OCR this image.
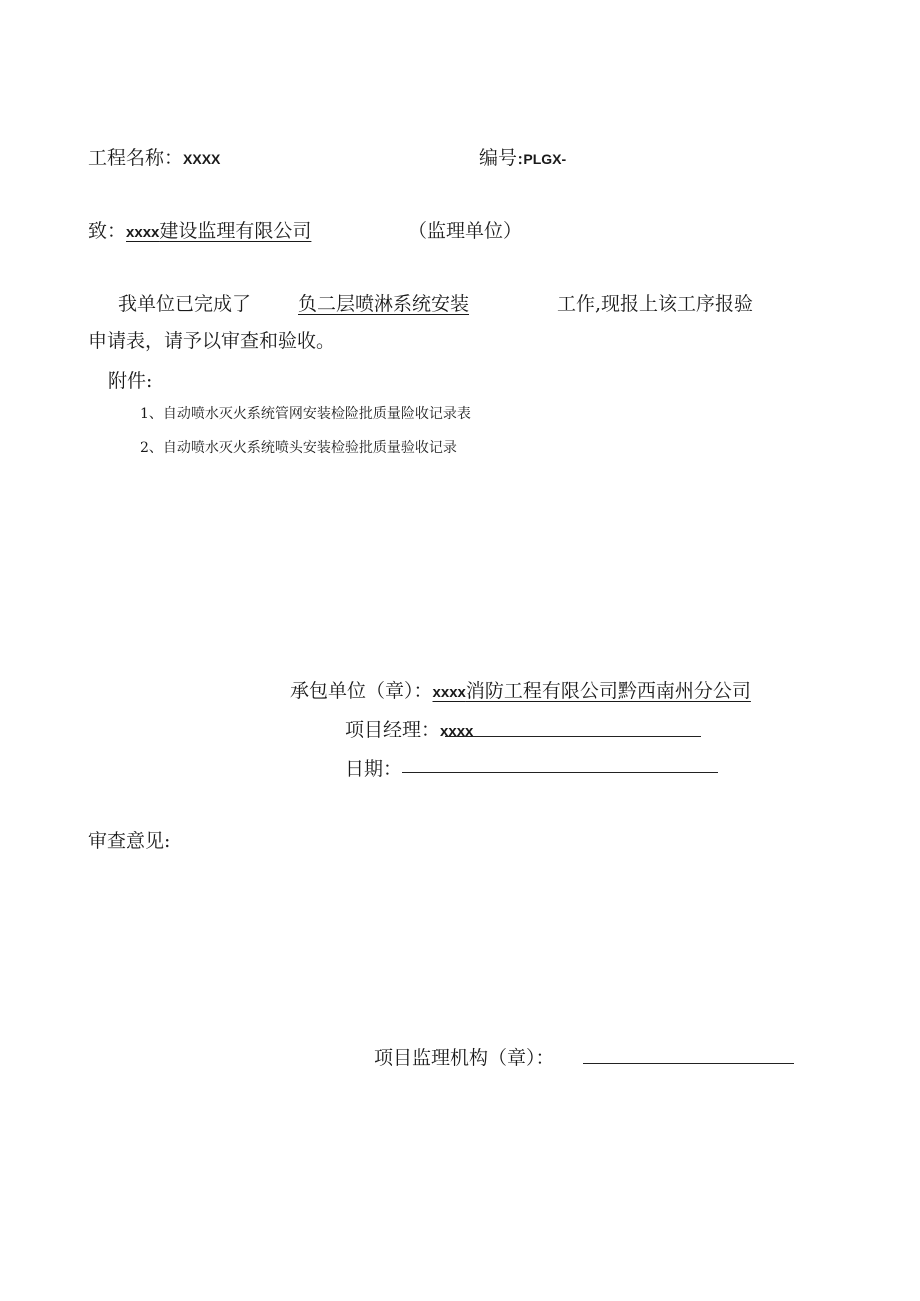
工程名称：XXXX	编号:PLGX-
致：xxxx建设监理有限公司	（监理单位）
我单位已完成了 负二层喷淋系统安装	工作,现报上该工序报验
申请表，请予以审查和验收。
附件:
1、自动喷水灭火系统管网安装检险批质量险收记录表
2、自动喷水灭火系统喷头安装检验批质量验收记录
承包单位（章）：xxxx消防工程有限公司黔西南州分公司
项目经理：xxxx
日期：
审查意见:
项目监理机构（章）：
